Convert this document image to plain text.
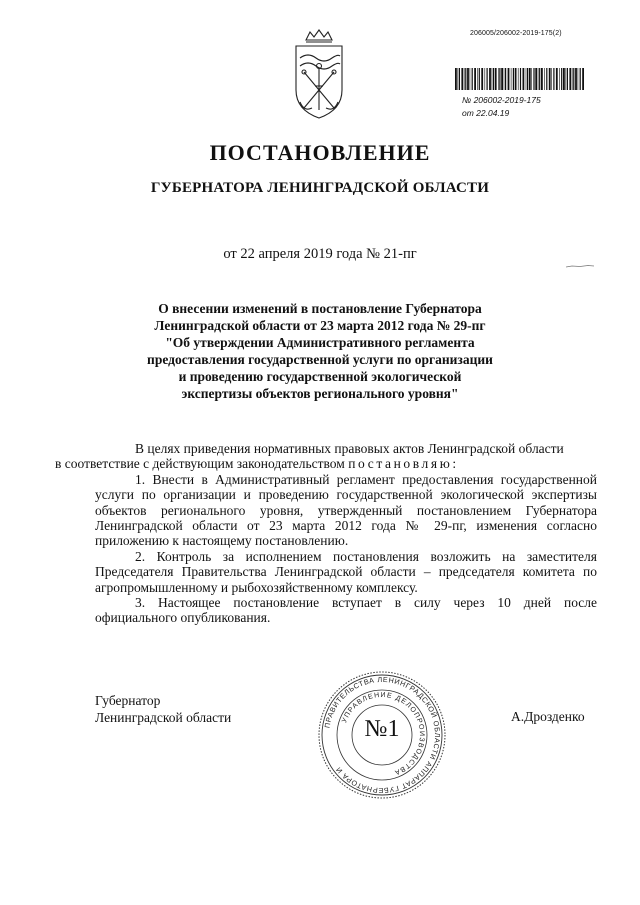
206005/206002-2019-175(2)
№ 206002-2019-175
от 22.04.19
ПОСТАНОВЛЕНИЕ
ГУБЕРНАТОРА ЛЕНИНГРАДСКОЙ ОБЛАСТИ
от 22 апреля 2019 года № 21-пг
О внесении изменений в постановление Губернатора
Ленинградской области от 23 марта 2012 года № 29-пг
"Об утверждении Административного регламента
предоставления государственной услуги по организации
и проведению государственной экологической
экспертизы объектов регионального уровня"

В целях приведения нормативных правовых актов Ленинградской области
в соответствие с действующим законодательством постановляю:

1. Внести в Административный регламент предоставления государственной услуги по организации и проведению государственной экологической экспертизы объектов регионального уровня, утвержденный постановлением Губернатора Ленинградской области от 23 марта 2012 года № 29-пг, изменения согласно приложению к настоящему постановлению.

2. Контроль за исполнением постановления возложить на заместителя Председателя Правительства Ленинградской области – председателя комитета по агропромышленному и рыбохозяйственному комплексу.

3. Настоящее постановление вступает в силу через 10 дней после официального опубликования.

Губернатор
Ленинградской области	А.Дрозденко
ПРАВИТЕЛЬСТВА ЛЕНИНГРАДСКОЙ ОБЛАСТИ АППАРАТ ГУБЕРНАТОРА И
УПРАВЛЕНИЕ ДЕЛОПРОИЗВОДСТВА
№1
